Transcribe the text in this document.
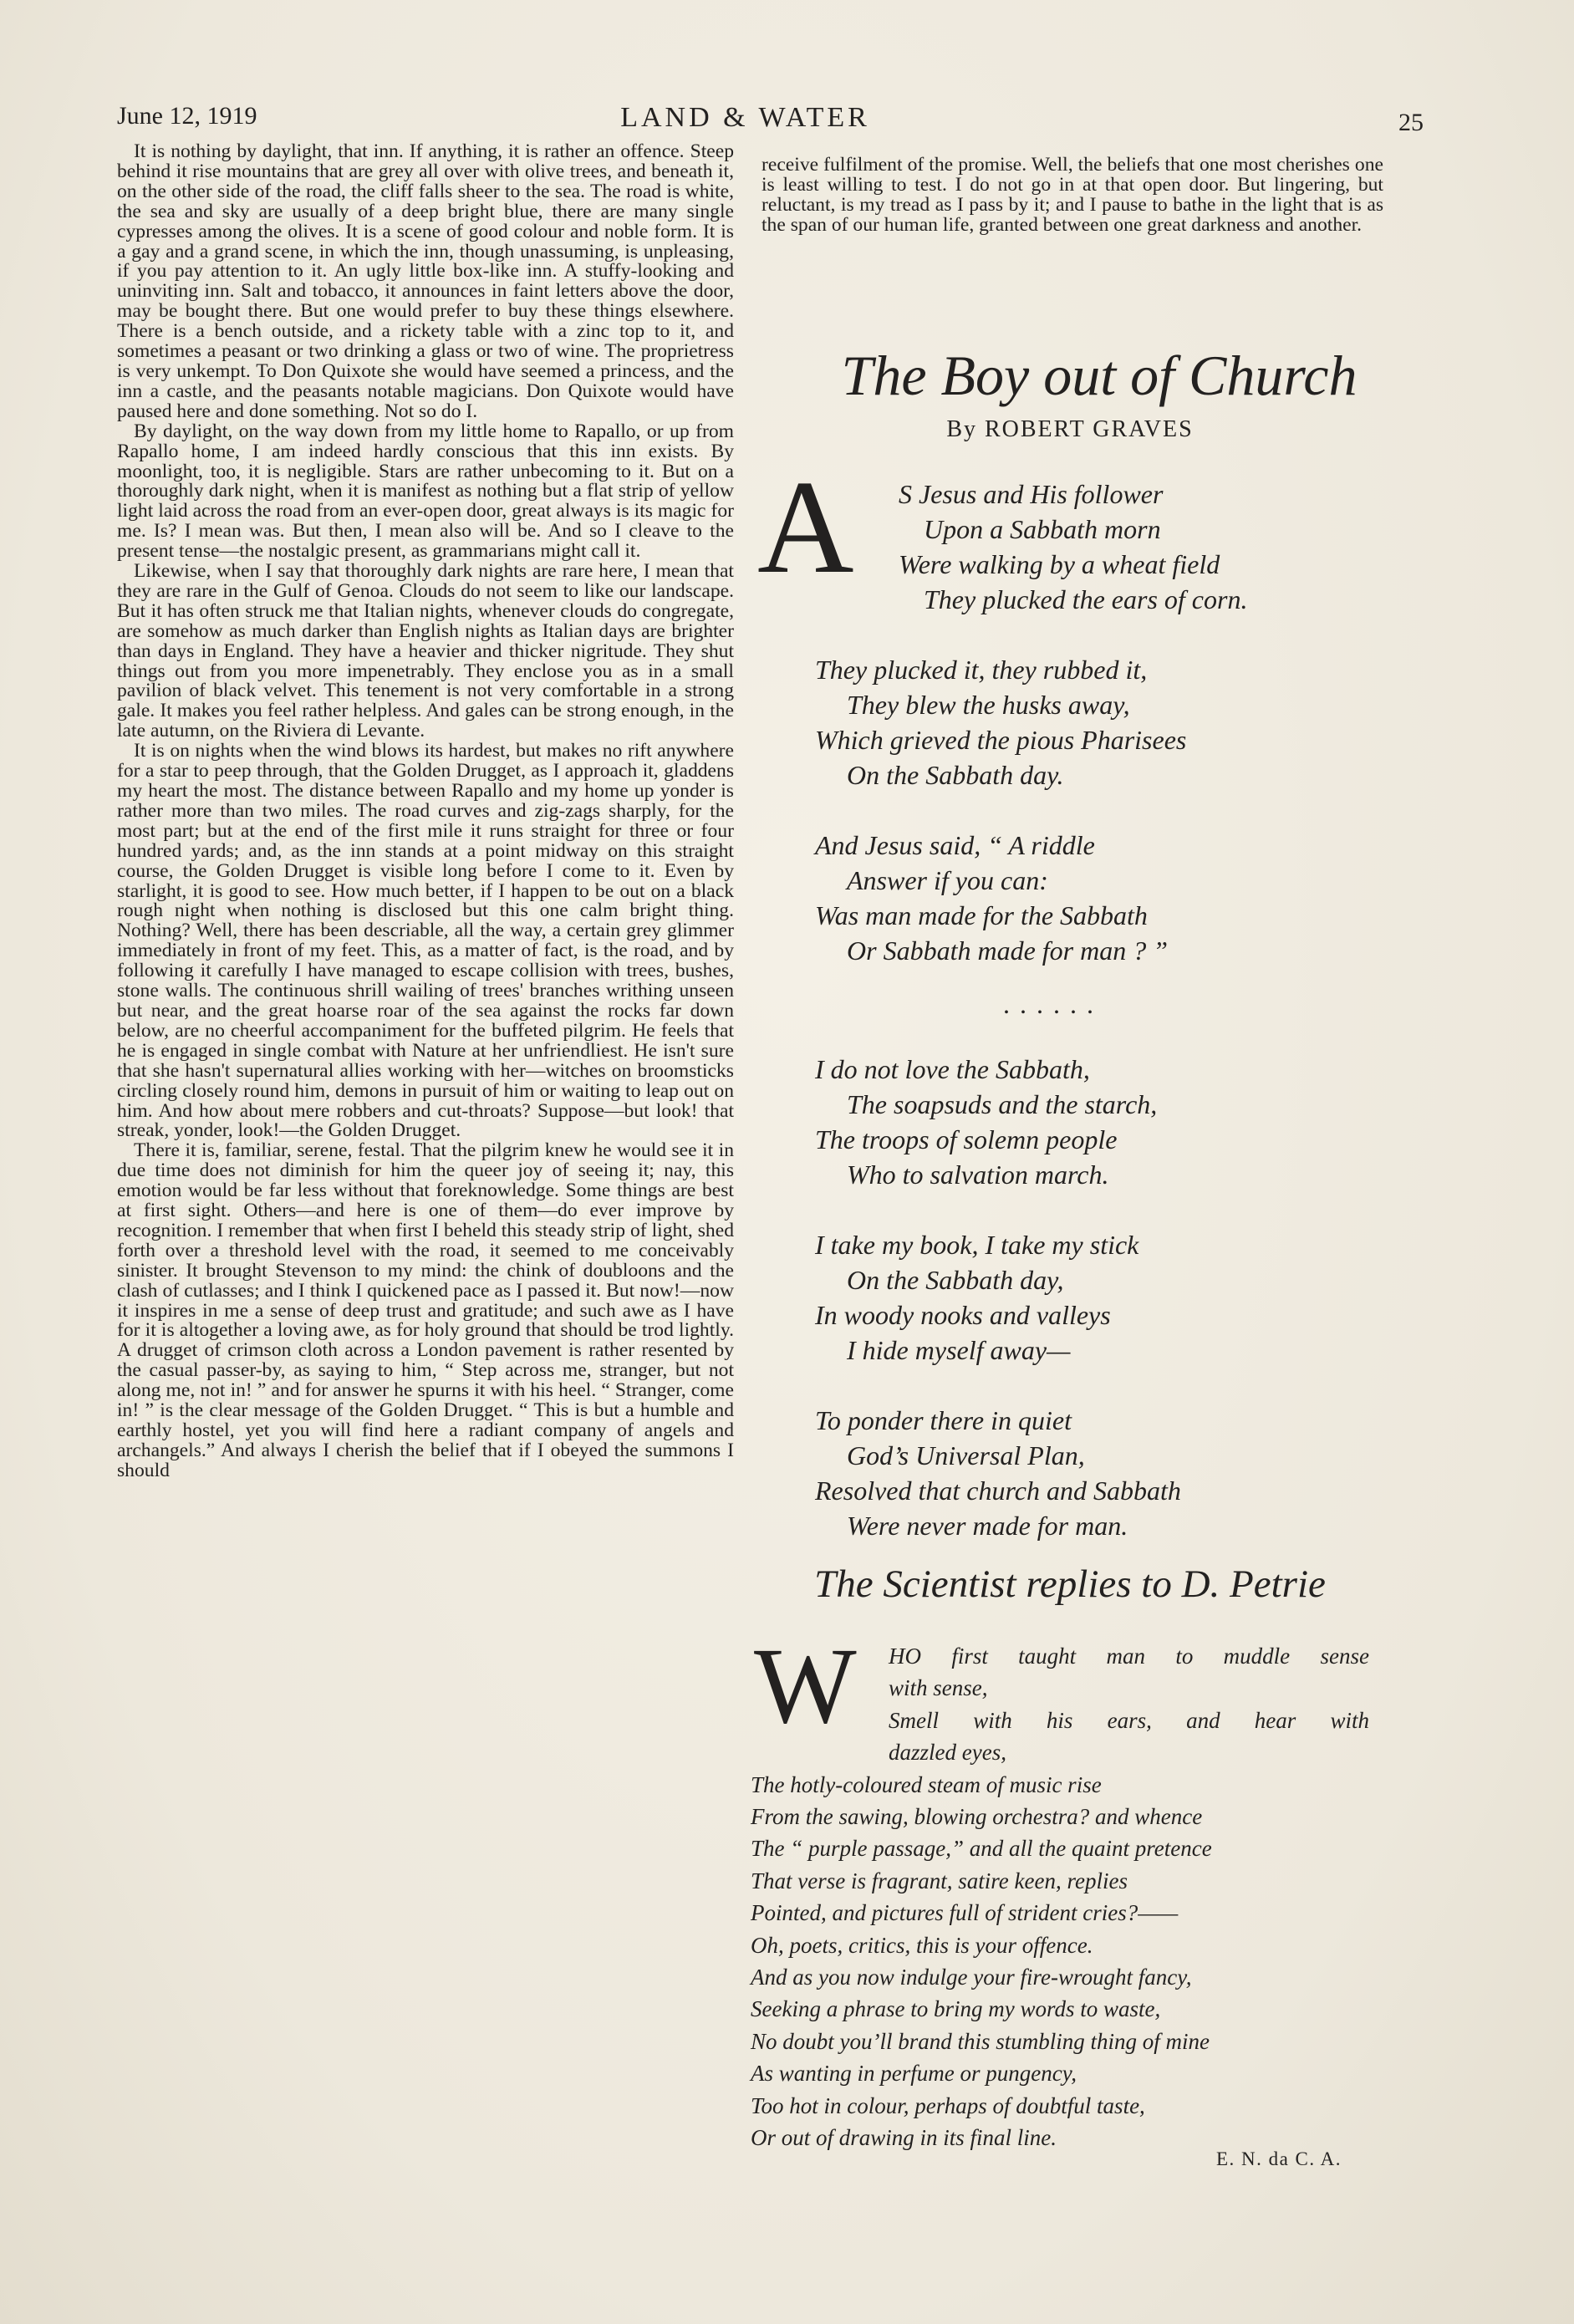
June 12, 1919	LAND & WATER	25

It is nothing by daylight, that inn. If anything, it is rather an offence. Steep behind it rise mountains that are grey all over with olive trees, and beneath it, on the other side of the road, the cliff falls sheer to the sea. The road is white, the sea and sky are usually of a deep bright blue, there are many single cypresses among the olives. It is a scene of good colour and noble form. It is a gay and a grand scene, in which the inn, though unassuming, is unpleasing, if you pay attention to it. An ugly little box-like inn. A stuffy-looking and uninviting inn. Salt and tobacco, it announces in faint letters above the door, may be bought there. But one would prefer to buy these things elsewhere. There is a bench outside, and a rickety table with a zinc top to it, and sometimes a peasant or two drinking a glass or two of wine. The proprietress is very unkempt. To Don Quixote she would have seemed a princess, and the inn a castle, and the peasants notable magicians. Don Quixote would have paused here and done something. Not so do I.

By daylight, on the way down from my little home to Rapallo, or up from Rapallo home, I am indeed hardly conscious that this inn exists. By moonlight, too, it is negligible. Stars are rather unbecoming to it. But on a thoroughly dark night, when it is manifest as nothing but a flat strip of yellow light laid across the road from an ever-open door, great always is its magic for me. Is? I mean was. But then, I mean also will be. And so I cleave to the present tense—the nostalgic present, as grammarians might call it.

Likewise, when I say that thoroughly dark nights are rare here, I mean that they are rare in the Gulf of Genoa. Clouds do not seem to like our landscape. But it has often struck me that Italian nights, whenever clouds do congregate, are somehow as much darker than English nights as Italian days are brighter than days in England. They have a heavier and thicker nigritude. They shut things out from you more impenetrably. They enclose you as in a small pavilion of black velvet. This tenement is not very comfortable in a strong gale. It makes you feel rather helpless. And gales can be strong enough, in the late autumn, on the Riviera di Levante.

It is on nights when the wind blows its hardest, but makes no rift anywhere for a star to peep through, that the Golden Drugget, as I approach it, gladdens my heart the most. The distance between Rapallo and my home up yonder is rather more than two miles. The road curves and zig-zags sharply, for the most part; but at the end of the first mile it runs straight for three or four hundred yards; and, as the inn stands at a point midway on this straight course, the Golden Drugget is visible long before I come to it. Even by starlight, it is good to see. How much better, if I happen to be out on a black rough night when nothing is disclosed but this one calm bright thing. Nothing? Well, there has been descriable, all the way, a certain grey glimmer immediately in front of my feet. This, as a matter of fact, is the road, and by following it carefully I have managed to escape collision with trees, bushes, stone walls. The continuous shrill wailing of trees' branches writhing unseen but near, and the great hoarse roar of the sea against the rocks far down below, are no cheerful accompaniment for the buffeted pilgrim. He feels that he is engaged in single combat with Nature at her unfriendliest. He isn't sure that she hasn't supernatural allies working with her—witches on broomsticks circling closely round him, demons in pursuit of him or waiting to leap out on him. And how about mere robbers and cut-throats? Suppose—but look! that streak, yonder, look!—the Golden Drugget.

There it is, familiar, serene, festal. That the pilgrim knew he would see it in due time does not diminish for him the queer joy of seeing it; nay, this emotion would be far less without that foreknowledge. Some things are best at first sight. Others—and here is one of them—do ever improve by recognition. I remember that when first I beheld this steady strip of light, shed forth over a threshold level with the road, it seemed to me conceivably sinister. It brought Stevenson to my mind: the chink of doubloons and the clash of cutlasses; and I think I quickened pace as I passed it. But now!—now it inspires in me a sense of deep trust and gratitude; and such awe as I have for it is altogether a loving awe, as for holy ground that should be trod lightly. A drugget of crimson cloth across a London pavement is rather resented by the casual passer-by, as saying to him, “ Step across me, stranger, but not along me, not in! ” and for answer he spurns it with his heel. “ Stranger, come in! ” is the clear message of the Golden Drugget. “ This is but a humble and earthly hostel, yet you will find here a radiant company of angels and archangels.” And always I cherish the belief that if I obeyed the summons I should

receive fulfilment of the promise. Well, the beliefs that one most cherishes one is least willing to test. I do not go in at that open door. But lingering, but reluctant, is my tread as I pass by it; and I pause to bathe in the light that is as the span of our human life, granted between one great darkness and another.

The Boy out of Church
By ROBERT GRAVES
A	S Jesus and His follower
Upon a Sabbath morn
Were walking by a wheat field
They plucked the ears of corn.
They plucked it, they rubbed it,
They blew the husks away,
Which grieved the pious Pharisees
On the Sabbath day.
And Jesus said, “ A riddle
Answer if you can:
Was man made for the Sabbath
Or Sabbath made for man ? ”
......
I do not love the Sabbath,
The soapsuds and the starch,
The troops of solemn people
Who to salvation march.
I take my book, I take my stick
On the Sabbath day,
In woody nooks and valleys
I hide myself away—
To ponder there in quiet
God’s Universal Plan,
Resolved that church and Sabbath
Were never made for man.
The Scientist replies to D. Petrie
W	HO first taught man to muddle sense
with sense,
Smell with his ears, and hear with
dazzled eyes,
The hotly-coloured steam of music rise
From the sawing, blowing orchestra? and whence
The “ purple passage,” and all the quaint pretence
That verse is fragrant, satire keen, replies
Pointed, and pictures full of strident cries?——
Oh, poets, critics, this is your offence.
And as you now indulge your fire-wrought fancy,
Seeking a phrase to bring my words to waste,
No doubt you’ll brand this stumbling thing of mine
As wanting in perfume or pungency,
Too hot in colour, perhaps of doubtful taste,
Or out of drawing in its final line.
E. N. da C. A.
